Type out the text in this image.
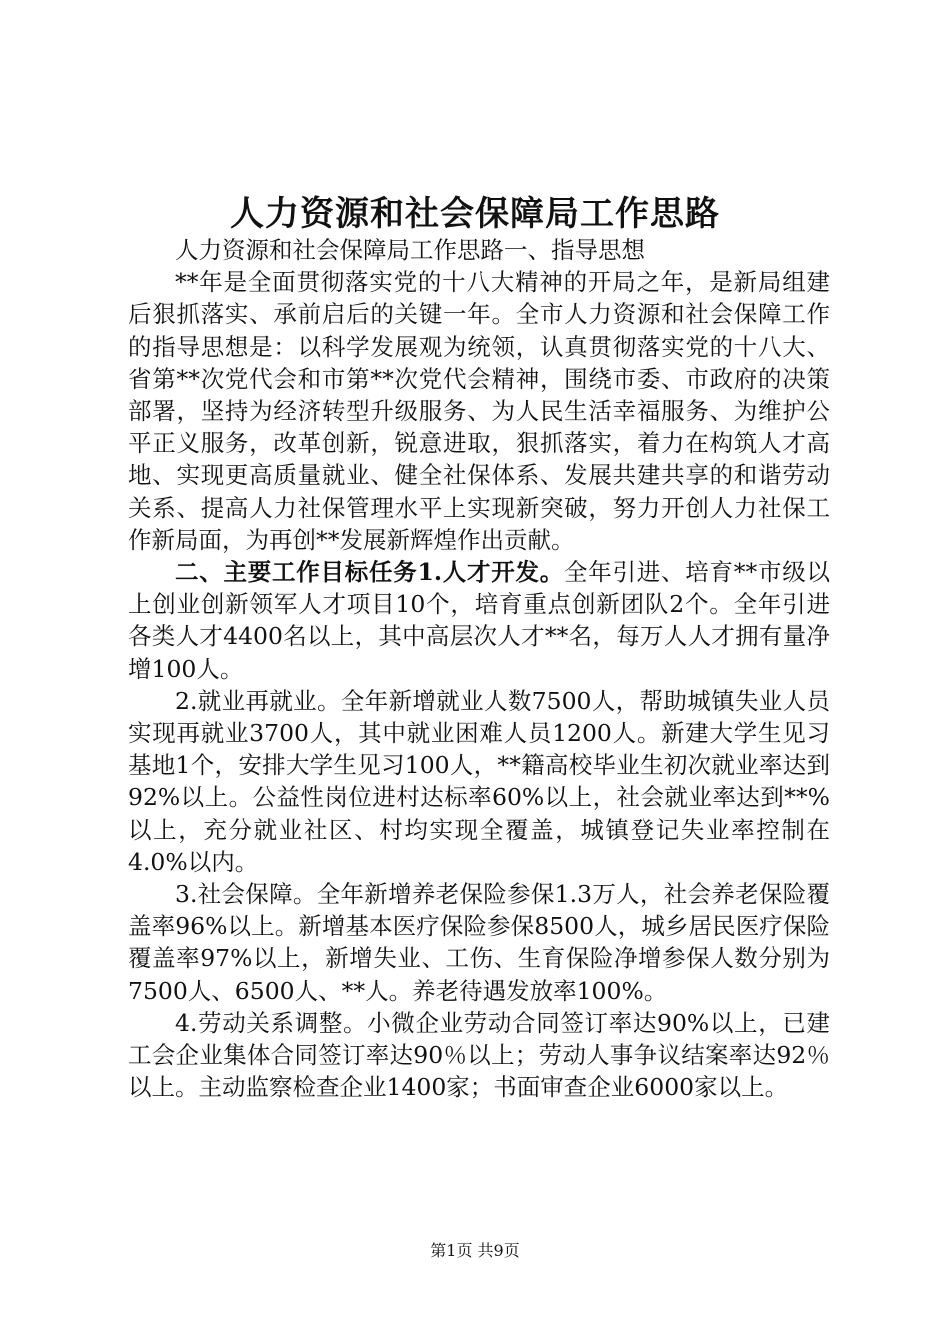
人力资源和社会保障局工作思路

人力资源和社会保障局工作思路一、指导思想

**年是全面贯彻落实党的十八大精神的开局之年，是新局组建后狠抓落实、承前启后的关键一年。全市人力资源和社会保障工作的指导思想是：以科学发展观为统领，认真贯彻落实党的十八大、省第**次党代会和市第**次党代会精神，围绕市委、市政府的决策部署，坚持为经济转型升级服务、为人民生活幸福服务、为维护公平正义服务，改革创新，锐意进取，狠抓落实，着力在构筑人才高地、实现更高质量就业、健全社保体系、发展共建共享的和谐劳动关系、提高人力社保管理水平上实现新突破，努力开创人力社保工作新局面，为再创**发展新辉煌作出贡献。

二、主要工作目标任务1.人才开发。全年引进、培育**市级以上创业创新领军人才项目10个，培育重点创新团队2个。全年引进各类人才4400名以上，其中高层次人才**名，每万人人才拥有量净增100人。

2.就业再就业。全年新增就业人数7500人，帮助城镇失业人员实现再就业3700人，其中就业困难人员1200人。新建大学生见习基地1个，安排大学生见习100人，**籍高校毕业生初次就业率达到92%以上。公益性岗位进村达标率60%以上，社会就业率达到**%以上，充分就业社区、村均实现全覆盖，城镇登记失业率控制在4.0%以内。

3.社会保障。全年新增养老保险参保1.3万人，社会养老保险覆盖率96%以上。新增基本医疗保险参保8500人，城乡居民医疗保险覆盖率97%以上，新增失业、工伤、生育保险净增参保人数分别为7500人、6500人、**人。养老待遇发放率100%。

4.劳动关系调整。小微企业劳动合同签订率达90%以上，已建工会企业集体合同签订率达90％以上；劳动人事争议结案率达92％以上。主动监察检查企业1400家；书面审查企业6000家以上。

第1页 共9页
